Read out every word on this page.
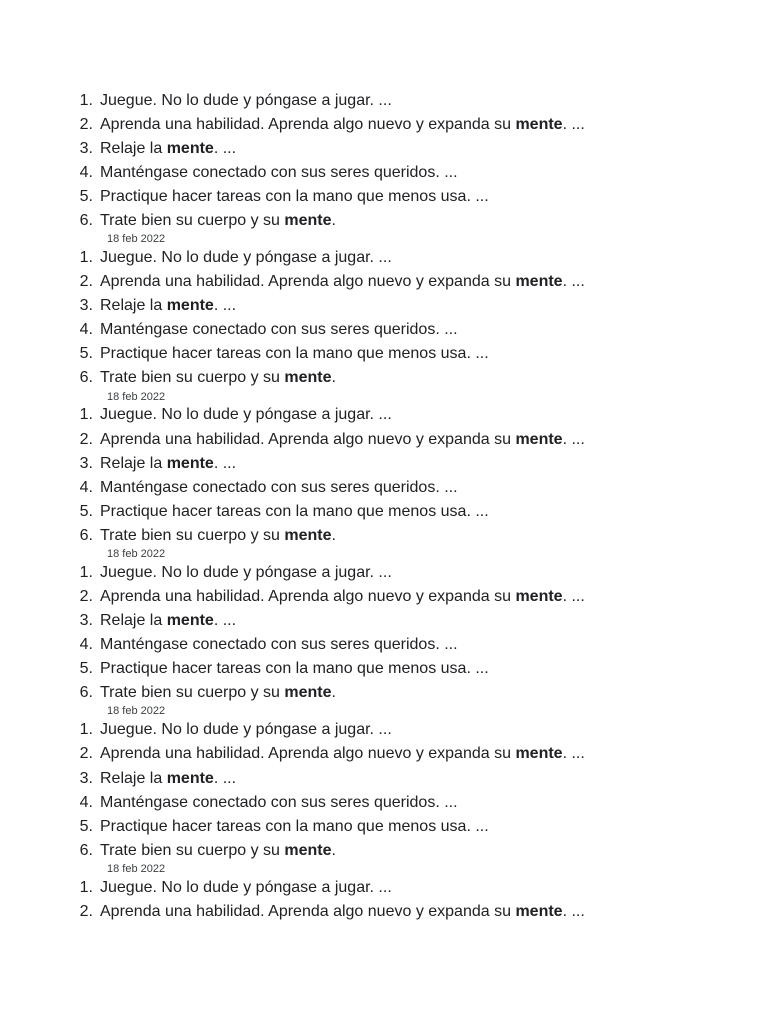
1. Juegue. No lo dude y póngase a jugar. ...
2. Aprenda una habilidad. Aprenda algo nuevo y expanda su mente. ...
3. Relaje la mente. ...
4. Manténgase conectado con sus seres queridos. ...
5. Practique hacer tareas con la mano que menos usa. ...
6. Trate bien su cuerpo y su mente.
18 feb 2022
1. Juegue. No lo dude y póngase a jugar. ...
2. Aprenda una habilidad. Aprenda algo nuevo y expanda su mente. ...
3. Relaje la mente. ...
4. Manténgase conectado con sus seres queridos. ...
5. Practique hacer tareas con la mano que menos usa. ...
6. Trate bien su cuerpo y su mente.
18 feb 2022
1. Juegue. No lo dude y póngase a jugar. ...
2. Aprenda una habilidad. Aprenda algo nuevo y expanda su mente. ...
3. Relaje la mente. ...
4. Manténgase conectado con sus seres queridos. ...
5. Practique hacer tareas con la mano que menos usa. ...
6. Trate bien su cuerpo y su mente.
18 feb 2022
1. Juegue. No lo dude y póngase a jugar. ...
2. Aprenda una habilidad. Aprenda algo nuevo y expanda su mente. ...
3. Relaje la mente. ...
4. Manténgase conectado con sus seres queridos. ...
5. Practique hacer tareas con la mano que menos usa. ...
6. Trate bien su cuerpo y su mente.
18 feb 2022
1. Juegue. No lo dude y póngase a jugar. ...
2. Aprenda una habilidad. Aprenda algo nuevo y expanda su mente. ...
3. Relaje la mente. ...
4. Manténgase conectado con sus seres queridos. ...
5. Practique hacer tareas con la mano que menos usa. ...
6. Trate bien su cuerpo y su mente.
18 feb 2022
1. Juegue. No lo dude y póngase a jugar. ...
2. Aprenda una habilidad. Aprenda algo nuevo y expanda su mente. ...
